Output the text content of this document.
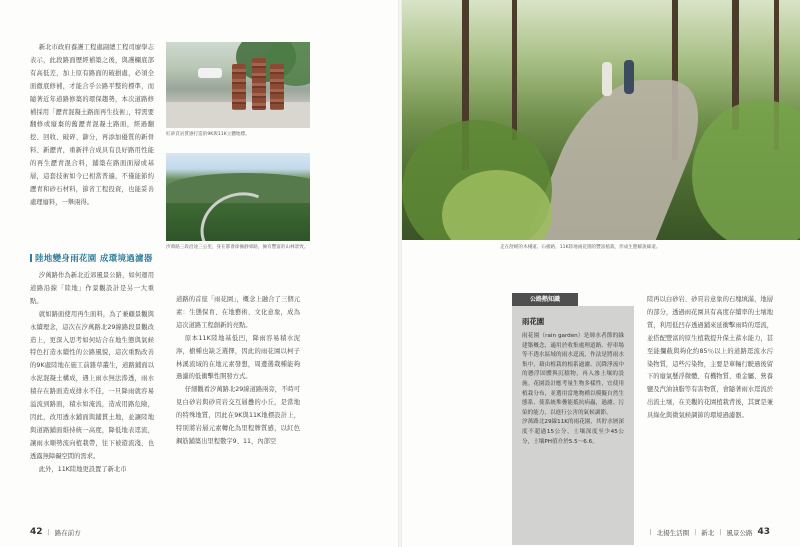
新北市政府養護工程處副總工程司廖學志表示，此段路面歷經補築之後，與護欄底部有高低差，加上原有路面的破損處，必須全面徹底修補，才能合乎公路平整的標準，而隨著近年道路修築的環保趨勢，本次道路修補採用「瀝青混凝土路面再生技術」，特需要翻修或廢棄的舊瀝青混凝土路面，經過翻挖、回收、破碎、篩分，再添加優質的新骨料、新瀝青，重新拌合成具有良好路用性能的再生瀝青混合料，鋪築在路面面層或基層，這套技術如今已相當普遍，不僅能節約瀝青和砂石材料，節省工程投資，也能妥善處理廢料，一舉兩得。

紅砂頁岩質感打造的9K與11K立體地標。
汐萬路三段沿途三公里，身在都會卻擁靜郊路，擁有豐富的山林景致。
陸地變身雨花園 成環境過濾器

汐萬路作為新北近郊風景公路，如何運用道路沿線「陸地」作景觀設計是另一大重點。

就如路面使用再生面料，為了兼顧景觀與永續理念，這次在汐萬路北29線路段景觀改造上，更深入思考如何結合在地生態與氣候特色打造永續性的公路風貌，這次重點改善的9K處陸地在施工前雜草叢生，道路鋪面以水泥混凝土構成，遇上雨水無法滲透，雨水積存在路面造成排水不佳，一旦降雨就容易溢流到路面，積水如淹流，造成用路危險，因此，改用透水鋪面與鋪貫土地，並讓陸地與道路鋪面維持統一高度，降低地表逕流，讓雨水順勢流向植栽帶，往下被遊流淺，也透露無障礙空間的需求。

此外，11K陸地更設置了新北市

道路的首座「雨花園」，概念上融合了三個元素：生態保育、在地藝術、文化意象，成為這次道路工程創新的亮點。

原本11K陸地基低凹，降雨容易積水泥濘，樹種也缺乏選擇，因此的雨花園以柯子林溪流域的在地元素發想，周邊選栽種能夠過濾的低衝擊性開發方式。

仔細觀看汐萬路北29線道路兩旁，不時可見白砂岩與砂頁岩交互層疊的小丘，是當地的特殊地質，因此在9K與11K地標設計上，特別將岩層元素轉化為里程牌質感，以紅色鋼筋鋪築出里程數字9、11，內部空

42 | 路在前方
走在舒緩的木棧道、石板路，11K陸地兩花園的豐富植栽，形成生態解說廊道。
公路熱知識
雨花園

雨花園（rain garden）是師水者節的綠建築概念，適用於收集處理道路、停車場等不透水區域的雨水逕流，作法是將雨水集中，藉由植栽的根系過濾、沉降淨流中的懸浮固體與沉積物，再入滲土壤的設施。花園設計應考量生物多樣性，宜使用植栽分布，並選用當地物種以模擬自然生態系，使系統堆疊能抵抗病蟲，過濾、污染的能力，以進行公害的氣候調節。

汐萬路北29線11K的雨花園，其貯水層深度不超過15公分，土壤深度至少45公分，土壤PH值介於5.5～6.6。

陸再以白砂岩、砂頁岩意象的石塊填滿，地層的部分，透過雨花園具有高度存續率的土壤地質，利用低凹存透過鋪來延衝擊雨時的逕流，並搭配豐富的原生植栽提升保土蓄水能力，甚至能攔截與夠化約85％以上的道路逕流水污染物質，這些污染物，主要是車輛行駛過後留下的廢氣懸浮微體、有機物質、重金屬、營養鹽及汽油油脂等有害物質，會隨著雨水逕流於出流土壤，在美觀的花園植栽背後，其實是兼具綠化與微氣候調節的環境過濾器。

| 北揚生活圈 | 新北 | 風景公路 43
